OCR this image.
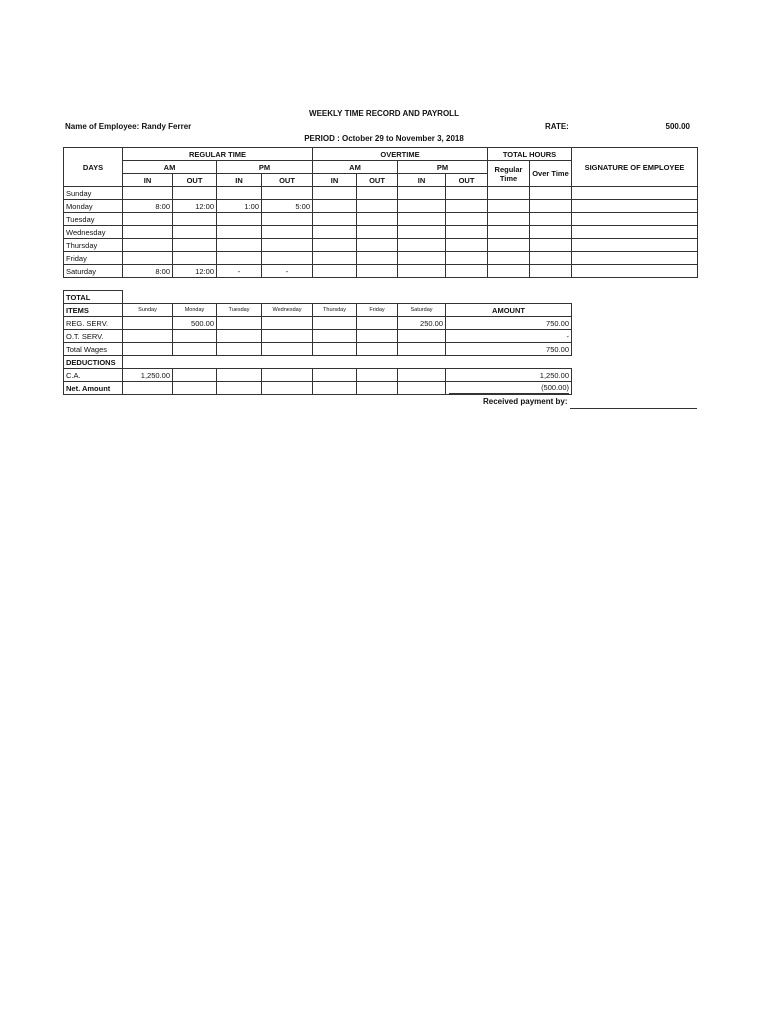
WEEKLY TIME RECORD AND PAYROLL
Name of Employee: Randy Ferrer	RATE:	500.00
PERIOD : October 29 to November 3, 2018
DAYS	REGULAR TIME				OVERTIME				TOTAL HOURS		SIGNATURE OF EMPLOYEE
	AM		PM		AM		PM		Regular Time	Over Time	
	IN	OUT	IN	OUT	IN	OUT	IN	OUT			
Sunday											
Monday	8:00	12:00	1:00	5:00							
Tuesday											
Wednesday											
Thursday											
Friday											
Saturday	8:00	12:00	-	-							
TOTAL								
ITEMS	Sunday	Monday	Tuesday	Wednesday	Thursday	Friday	Saturday	AMOUNT
REG. SERV.		500.00					250.00	750.00
O.T. SERV.								-
Total Wages								750.00
DEDUCTIONS								
C.A.	1,250.00							1,250.00
Net. Amount								(500.00)
Received payment by:
